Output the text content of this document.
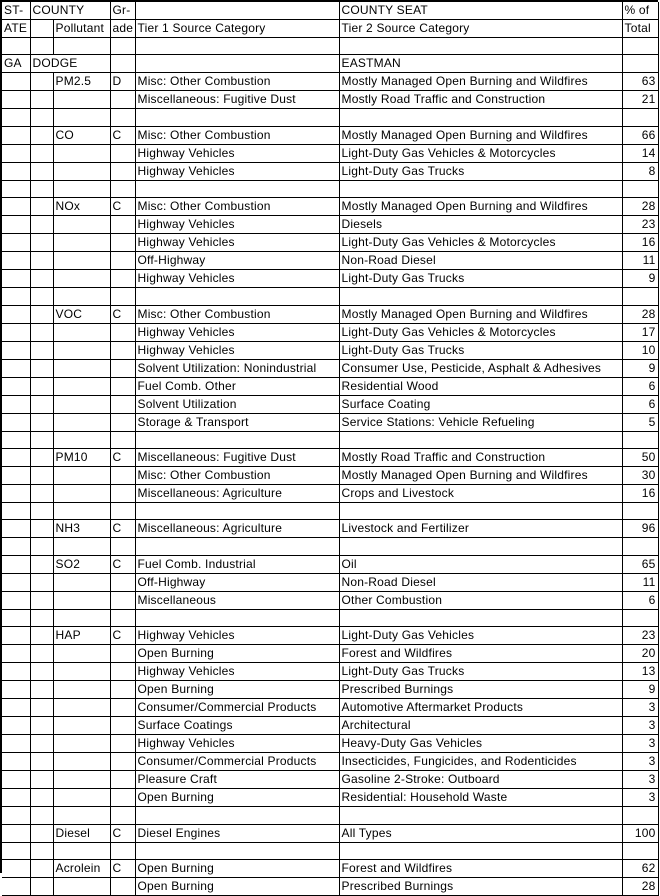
ST-	COUNTY		Gr-		COUNTY SEAT	% of
ATE		Pollutant	ade	Tier 1 Source Category	Tier 2 Source Category	Total

GA	DODGE				EASTMAN	
		PM2.5	D	Misc: Other Combustion	Mostly Managed Open Burning and Wildfires	63
				Miscellaneous: Fugitive Dust	Mostly Road Traffic and Construction	21

		CO	C	Misc: Other Combustion	Mostly Managed Open Burning and Wildfires	66
				Highway Vehicles	Light-Duty Gas Vehicles & Motorcycles	14
				Highway Vehicles	Light-Duty Gas Trucks	8

		NOx	C	Misc: Other Combustion	Mostly Managed Open Burning and Wildfires	28
				Highway Vehicles	Diesels	23
				Highway Vehicles	Light-Duty Gas Vehicles & Motorcycles	16
				Off-Highway	Non-Road Diesel	11
				Highway Vehicles	Light-Duty Gas Trucks	9

		VOC	C	Misc: Other Combustion	Mostly Managed Open Burning and Wildfires	28
				Highway Vehicles	Light-Duty Gas Vehicles & Motorcycles	17
				Highway Vehicles	Light-Duty Gas Trucks	10
				Solvent Utilization: Nonindustrial	Consumer Use, Pesticide, Asphalt & Adhesives	9
				Fuel Comb. Other	Residential Wood	6
				Solvent Utilization	Surface Coating	6
				Storage & Transport	Service Stations: Vehicle Refueling	5

		PM10	C	Miscellaneous: Fugitive Dust	Mostly Road Traffic and Construction	50
				Misc: Other Combustion	Mostly Managed Open Burning and Wildfires	30
				Miscellaneous: Agriculture	Crops and Livestock	16

		NH3	C	Miscellaneous: Agriculture	Livestock and Fertilizer	96

		SO2	C	Fuel Comb. Industrial	Oil	65
				Off-Highway	Non-Road Diesel	11
				Miscellaneous	Other Combustion	6

		HAP	C	Highway Vehicles	Light-Duty Gas Vehicles	23
				Open Burning	Forest and Wildfires	20
				Highway Vehicles	Light-Duty Gas Trucks	13
				Open Burning	Prescribed Burnings	9
				Consumer/Commercial Products	Automotive Aftermarket Products	3
				Surface Coatings	Architectural	3
				Highway Vehicles	Heavy-Duty Gas Vehicles	3
				Consumer/Commercial Products	Insecticides, Fungicides, and Rodenticides	3
				Pleasure Craft	Gasoline 2-Stroke: Outboard	3
				Open Burning	Residential: Household Waste	3

		Diesel	C	Diesel Engines	All Types	100

		Acrolein	C	Open Burning	Forest and Wildfires	62
				Open Burning	Prescribed Burnings	28
